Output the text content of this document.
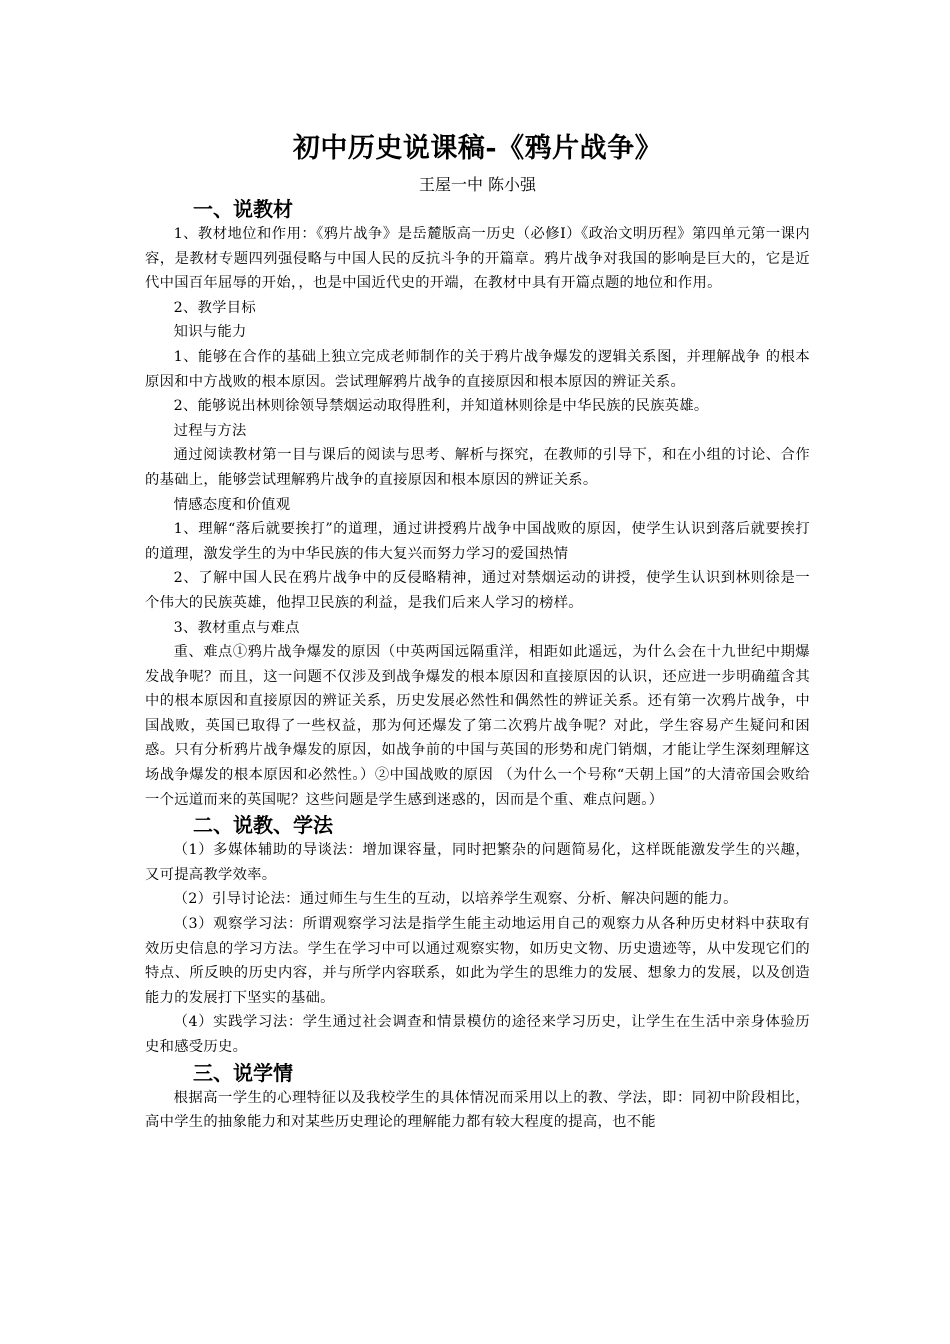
初中历史说课稿-《鸦片战争》
王屋一中 陈小强
一、说教材

1、教材地位和作用：《鸦片战争》是岳麓版高一历史（必修Ⅰ）《政治文明历程》第四单元第一课内容，是教材专题四列强侵略与中国人民的反抗斗争的开篇章。鸦片战争对我国的影响是巨大的，它是近代中国百年屈辱的开始，，也是中国近代史的开端，在教材中具有开篇点题的地位和作用。

2、教学目标

知识与能力

1、能够在合作的基础上独立完成老师制作的关于鸦片战争爆发的逻辑关系图，并理解战争 的根本原因和中方战败的根本原因。尝试理解鸦片战争的直接原因和根本原因的辨证关系。

2、能够说出林则徐领导禁烟运动取得胜利，并知道林则徐是中华民族的民族英雄。

过程与方法

通过阅读教材第一目与课后的阅读与思考、解析与探究，在教师的引导下，和在小组的讨论、合作的基础上，能够尝试理解鸦片战争的直接原因和根本原因的辨证关系。

情感态度和价值观

1、理解“落后就要挨打”的道理，通过讲授鸦片战争中国战败的原因，使学生认识到落后就要挨打的道理，激发学生的为中华民族的伟大复兴而努力学习的爱国热情

2、了解中国人民在鸦片战争中的反侵略精神，通过对禁烟运动的讲授，使学生认识到林则徐是一个伟大的民族英雄，他捍卫民族的利益，是我们后来人学习的榜样。

3、教材重点与难点

重、难点①鸦片战争爆发的原因（中英两国远隔重洋，相距如此遥远，为什么会在十九世纪中期爆发战争呢？而且，这一问题不仅涉及到战争爆发的根本原因和直接原因的认识，还应进一步明确蕴含其中的根本原因和直接原因的辨证关系，历史发展必然性和偶然性的辨证关系。还有第一次鸦片战争，中国战败，英国已取得了一些权益，那为何还爆发了第二次鸦片战争呢？对此，学生容易产生疑问和困惑。只有分析鸦片战争爆发的原因，如战争前的中国与英国的形势和虎门销烟，才能让学生深刻理解这场战争爆发的根本原因和必然性。）②中国战败的原因 （为什么一个号称“天朝上国”的大清帝国会败给一个远道而来的英国呢？这些问题是学生感到迷惑的，因而是个重、难点问题。）

二、说教、学法

（1）多媒体辅助的导谈法：增加课容量，同时把繁杂的问题简易化，这样既能激发学生的兴趣，又可提高教学效率。

（2）引导讨论法：通过师生与生生的互动，以培养学生观察、分析、解决问题的能力。

（3）观察学习法：所谓观察学习法是指学生能主动地运用自己的观察力从各种历史材料中获取有效历史信息的学习方法。学生在学习中可以通过观察实物，如历史文物、历史遗迹等，从中发现它们的特点、所反映的历史内容，并与所学内容联系，如此为学生的思维力的发展、想象力的发展，以及创造能力的发展打下坚实的基础。

（4）实践学习法：学生通过社会调查和情景模仿的途径来学习历史，让学生在生活中亲身体验历史和感受历史。

三、说学情

根据高一学生的心理特征以及我校学生的具体情况而采用以上的教、学法，即：同初中阶段相比，高中学生的抽象能力和对某些历史理论的理解能力都有较大程度的提高，也不能
